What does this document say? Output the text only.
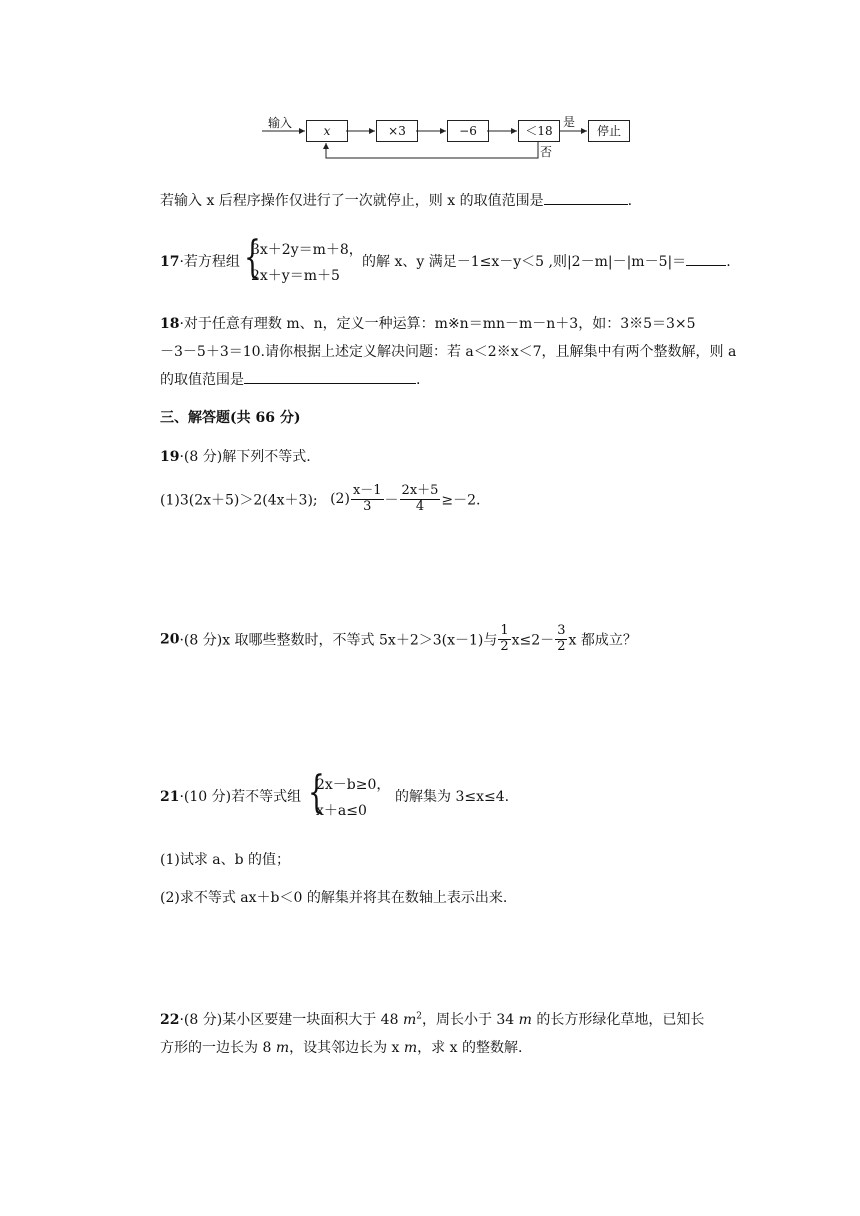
输入
x	×3	−6	＜18
是
停止
否
若输入 x 后程序操作仅进行了一次就停止，则 x 的取值范围是	.
17·若方程组 {
3x＋2y＝m＋8，
2x＋y＝m＋5
的解 x、y 满足－1≤x－y＜5 ,则|2－m|－|m－5|＝	.
18·对于任意有理数 m、n，定义一种运算：m※n＝mn－m－n＋3，如：3※5＝3×5
－3－5＋3＝10.请你根据上述定义解决问题：若 a＜2※x＜7，且解集中有两个整数解，则 a
的取值范围是	.
三、解答题(共 66 分)
19·(8 分)解下列不等式.
(1)3(2x＋5)＞2(4x＋3); $(2) \frac{x-1}{3} - \frac{2x+5}{4} \ge-2$.
20·(8 分)x 取哪些整数时，不等式 5x＋2＞3(x－1)与 $\frac{1}{2} x\le 2- \frac{3}{2}$ x 都成立？
21·(10 分)若不等式组 {
2x－b≥0，
x＋a≤0
的解集为 3≤x≤4.
(1)试求 a、b 的值；
(2)求不等式 ax＋b＜0 的解集并将其在数轴上表示出来.
22·(8 分)某小区要建一块面积大于 48 $m^2$，周长小于 34 m 的长方形绿化草地，已知长
方形的一边长为 8 m，设其邻边长为 x m，求 x 的整数解.
